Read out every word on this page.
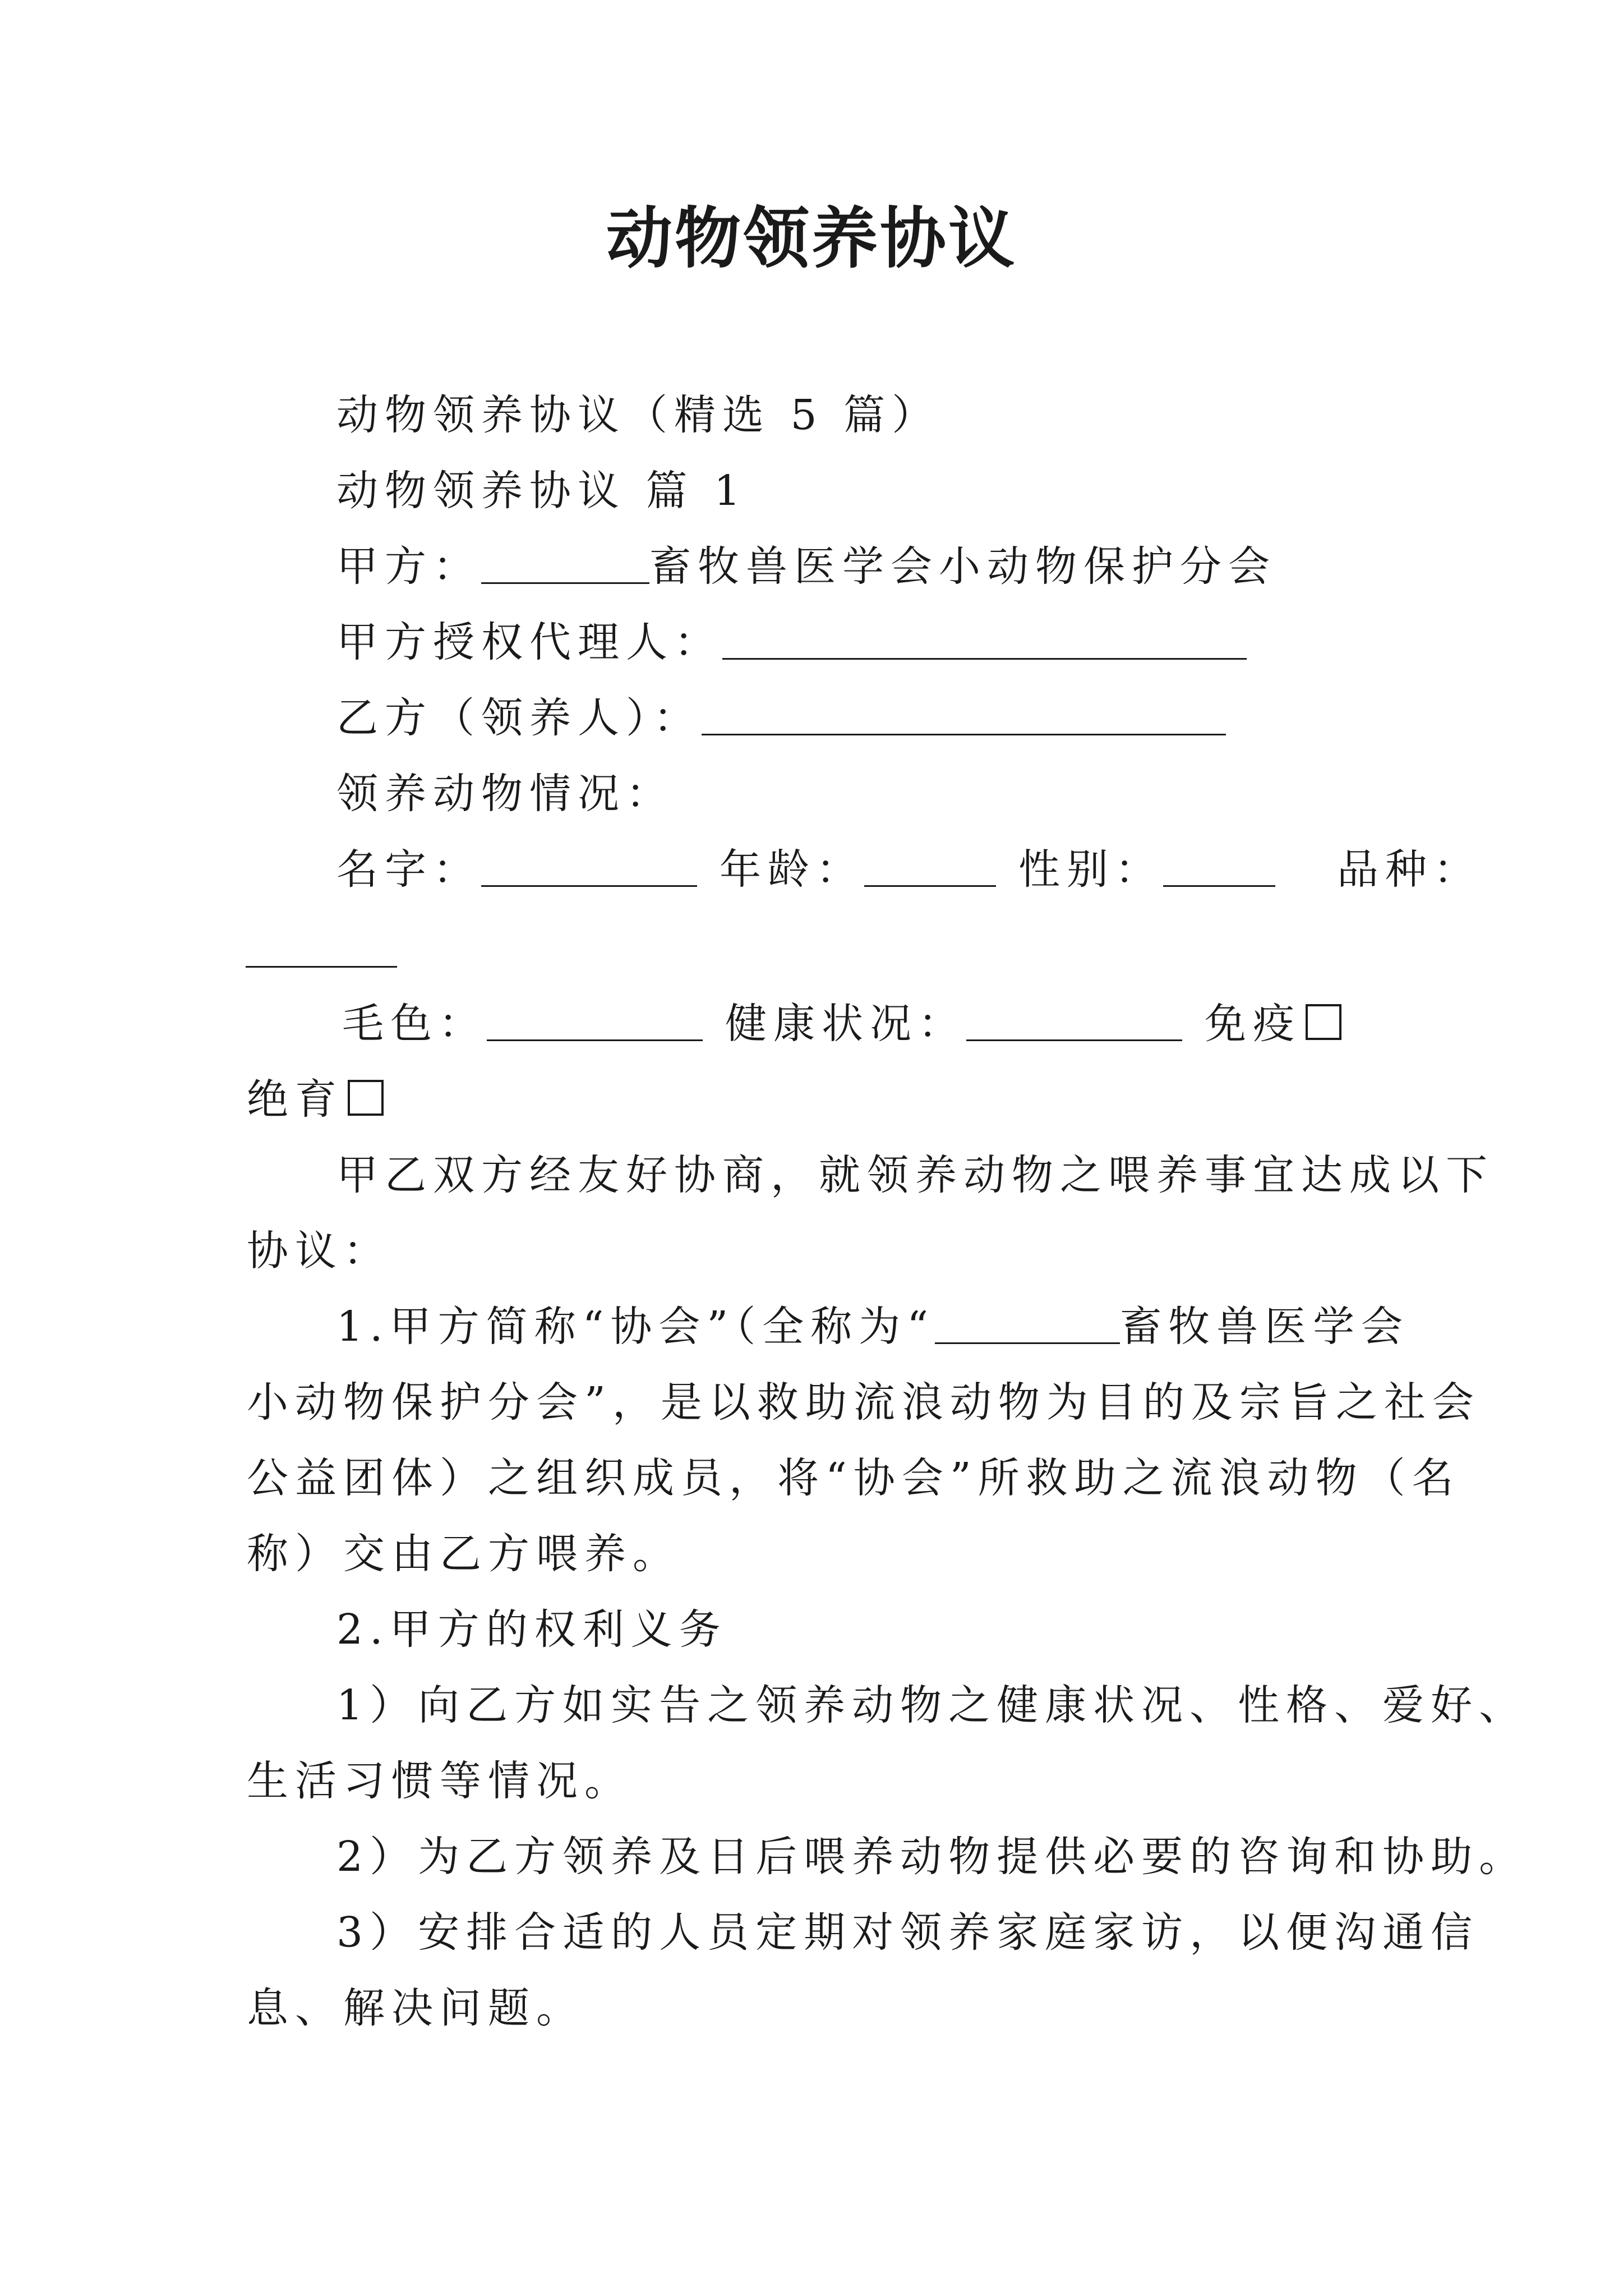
动物领养协议

动物领养协议（精选 5 篇）

动物领养协议 篇 1

甲方：	畜牧兽医学会小动物保护分会

甲方授权代理人：

乙方（领养人）：

领养动物情况：

名字：	年龄：	性别：	品种：

毛色：	健康状况：	免疫

绝育

甲乙双方经友好协商，就领养动物之喂养事宜达成以下

协议：

1.甲方简称“协会”（全称为“	畜牧兽医学会

小动物保护分会”，是以救助流浪动物为目的及宗旨之社会

公益团体）之组织成员，将“协会”所救助之流浪动物（名

称）交由乙方喂养。

2.甲方的权利义务

1）向乙方如实告之领养动物之健康状况、性格、爱好、

生活习惯等情况。

2）为乙方领养及日后喂养动物提供必要的咨询和协助。

3）安排合适的人员定期对领养家庭家访，以便沟通信

息、解决问题。
